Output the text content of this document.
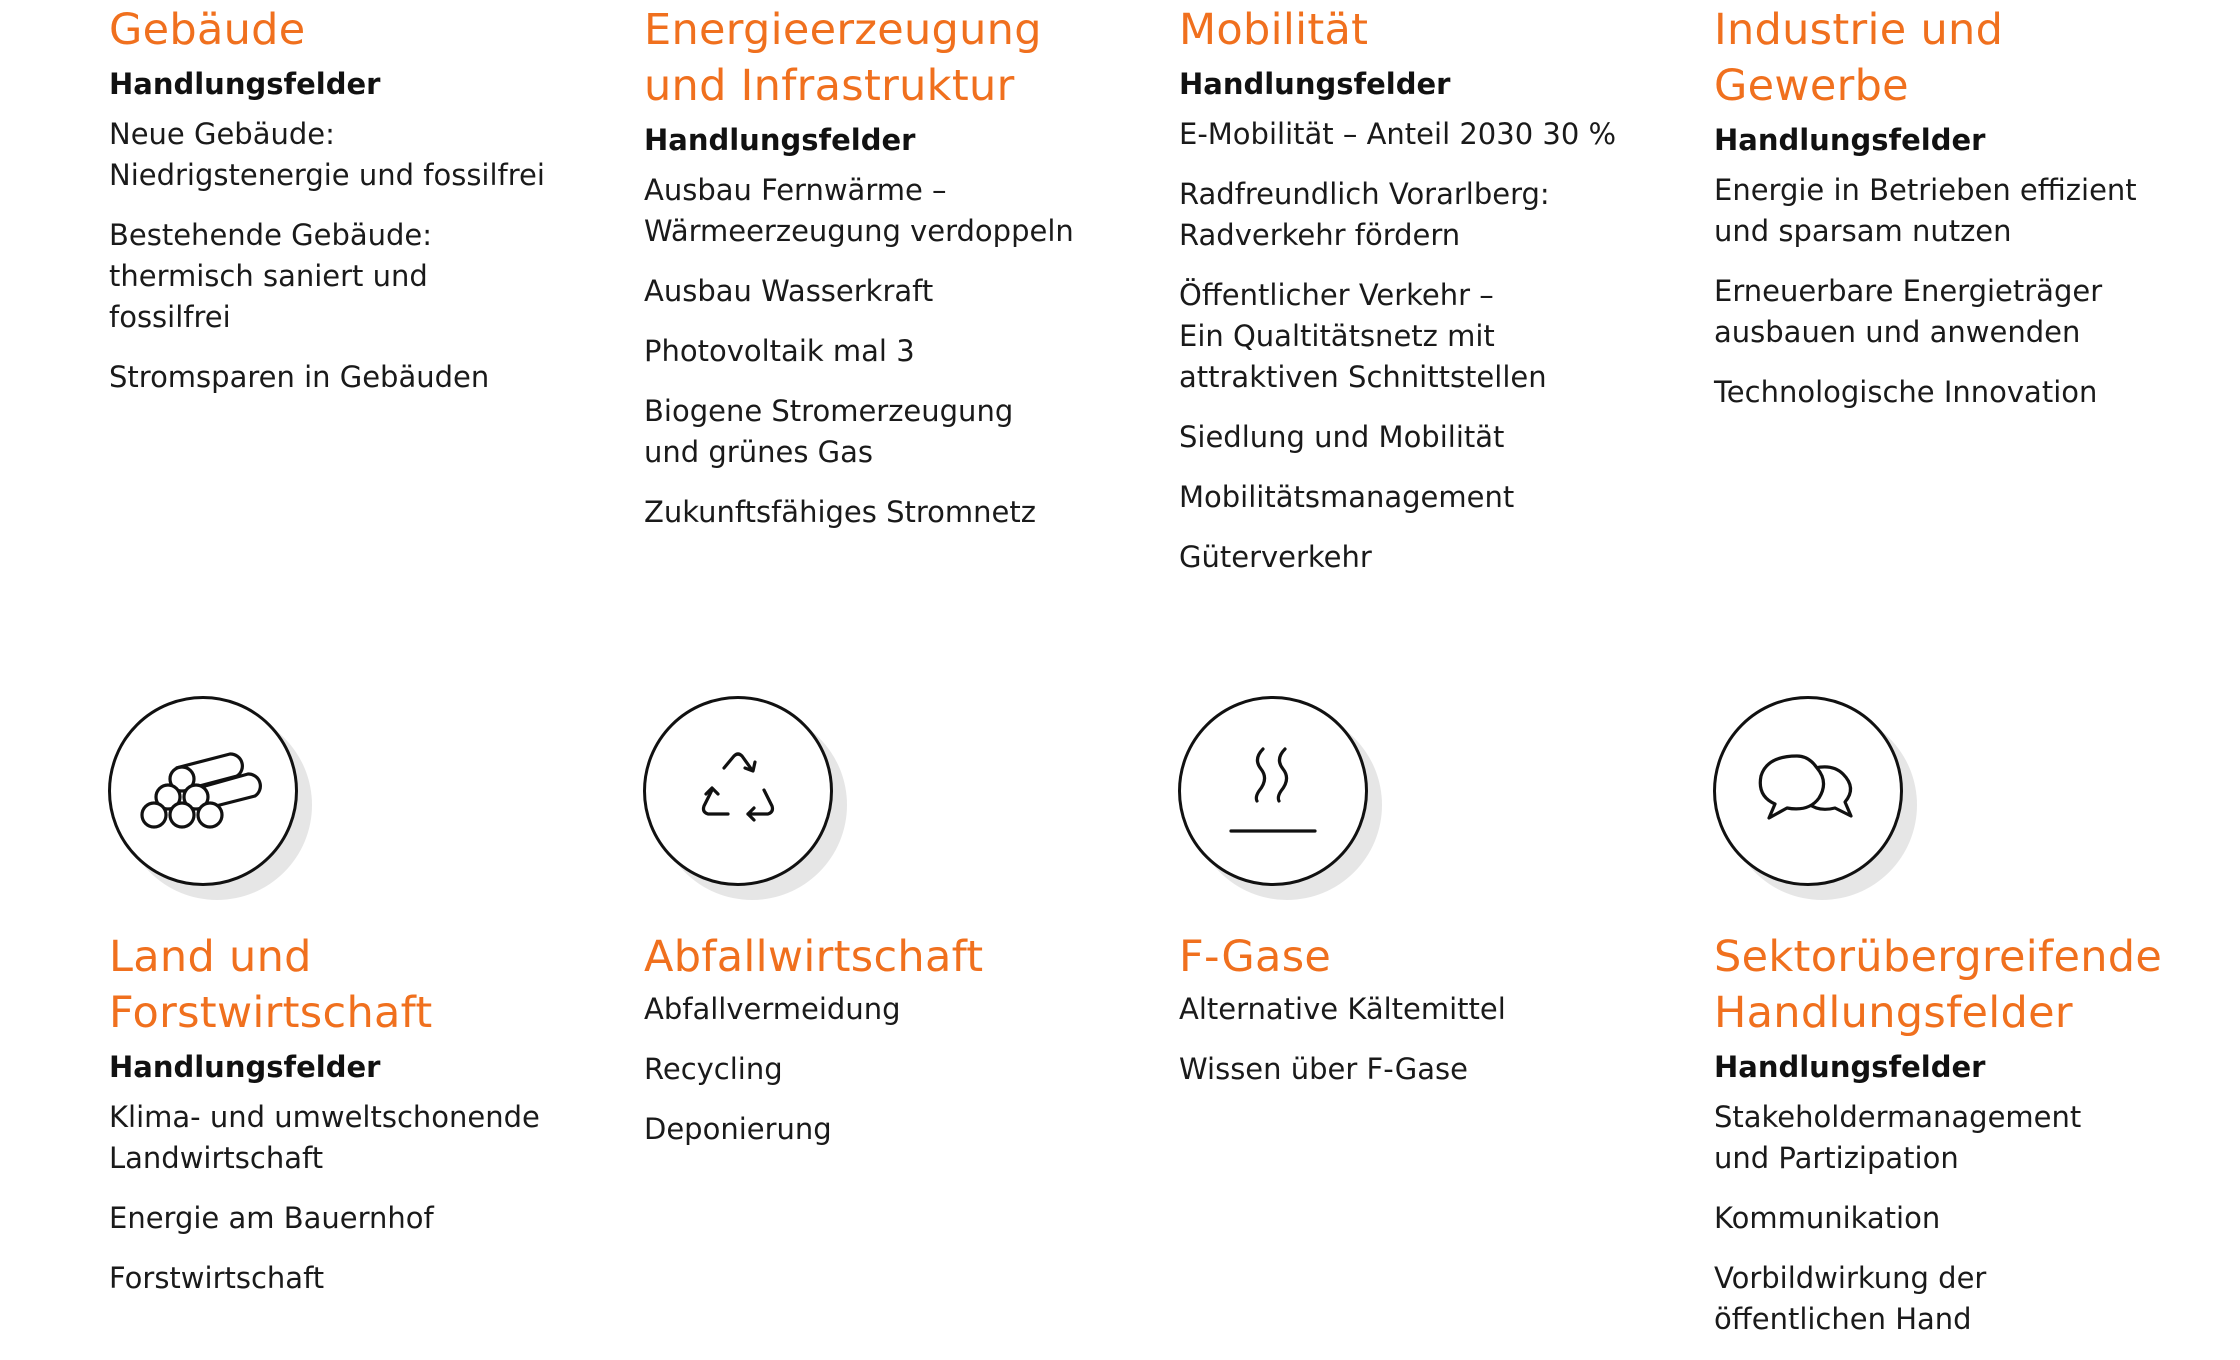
Gebäude
Handlungsfelder
Neue Gebäude:
Niedrigstenergie und fossilfrei
Bestehende Gebäude:
thermisch saniert und
fossilfrei
Stromsparen in Gebäuden
Energieerzeugung
und Infrastruktur
Handlungsfelder
Ausbau Fernwärme –
Wärmeerzeugung verdoppeln
Ausbau Wasserkraft
Photovoltaik mal 3
Biogene Stromerzeugung
und grünes Gas
Zukunftsfähiges Stromnetz
Mobilität
Handlungsfelder
E-Mobilität – Anteil 2030 30 %
Radfreundlich Vorarlberg:
Radverkehr fördern
Öffentlicher Verkehr –
Ein Qualtitätsnetz mit
attraktiven Schnittstellen
Siedlung und Mobilität
Mobilitätsmanagement
Güterverkehr
Industrie und
Gewerbe
Handlungsfelder
Energie in Betrieben effizient
und sparsam nutzen
Erneuerbare Energieträger
ausbauen und anwenden
Technologische Innovation
Land und
Forstwirtschaft
Handlungsfelder
Klima- und umweltschonende
Landwirtschaft
Energie am Bauernhof
Forstwirtschaft
Abfallwirtschaft
Abfallvermeidung
Recycling
Deponierung
F-Gase
Alternative Kältemittel
Wissen über F-Gase
Sektorübergreifende
Handlungsfelder
Handlungsfelder
Stakeholdermanagement
und Partizipation
Kommunikation
Vorbildwirkung der
öffentlichen Hand
